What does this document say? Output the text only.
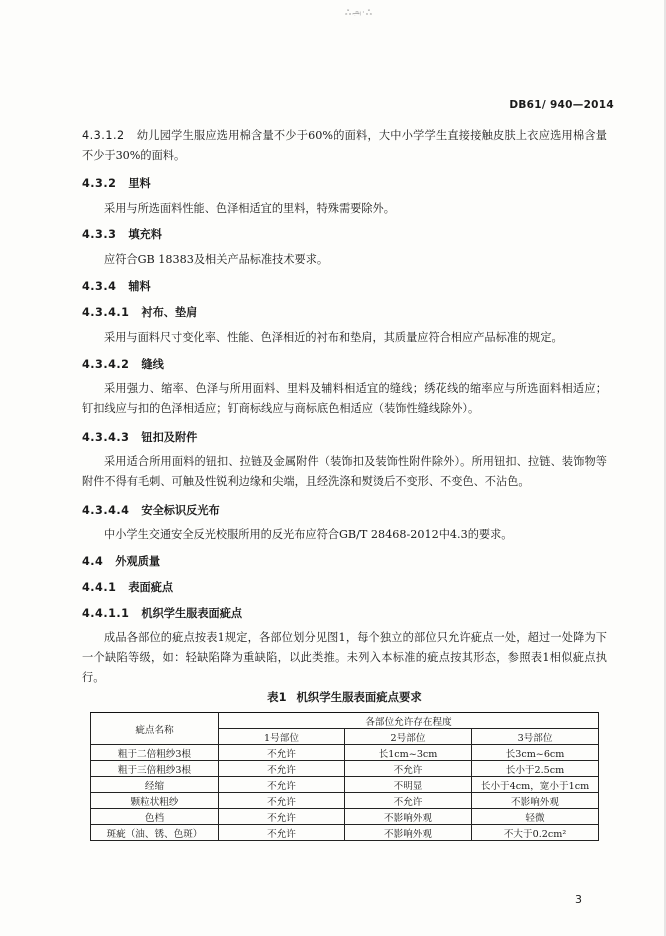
ஃஅ·ஃ
DB61/ 940—2014
4.3.1.2 幼儿园学生服应选用棉含量不少于60%的面料，大中小学学生直接接触皮肤上衣应选用棉含量不少于30%的面料。
4.3.2 里料
采用与所选面料性能、色泽相适宜的里料，特殊需要除外。
4.3.3 填充料
应符合GB 18383及相关产品标准技术要求。
4.3.4 辅料
4.3.4.1 衬布、垫肩
采用与面料尺寸变化率、性能、色泽相近的衬布和垫肩，其质量应符合相应产品标准的规定。
4.3.4.2 缝线
采用强力、缩率、色泽与所用面料、里料及辅料相适宜的缝线；绣花线的缩率应与所选面料相适应；钉扣线应与扣的色泽相适应；钉商标线应与商标底色相适应（装饰性缝线除外）。
4.3.4.3 钮扣及附件
采用适合所用面料的钮扣、拉链及金属附件（装饰扣及装饰性附件除外）。所用钮扣、拉链、装饰物等附件不得有毛刺、可触及性锐利边缘和尖端，且经洗涤和熨烫后不变形、不变色、不沾色。
4.3.4.4 安全标识反光布
中小学生交通安全反光校服所用的反光布应符合GB/T 28468-2012中4.3的要求。
4.4 外观质量
4.4.1 表面疵点
4.4.1.1 机织学生服表面疵点
成品各部位的疵点按表1规定，各部位划分见图1，每个独立的部位只允许疵点一处，超过一处降为下一个缺陷等级，如：轻缺陷降为重缺陷，以此类推。未列入本标准的疵点按其形态，参照表1相似疵点执行。
表1 机织学生服表面疵点要求
疵点名称	各部位允许存在程度		
	1号部位	2号部位	3号部位
粗于二倍粗纱3根	不允许	长1cm~3cm	长3cm~6cm
粗于三倍粗纱3根	不允许	不允许	长小于2.5cm
经缩	不允许	不明显	长小于4cm，宽小于1cm
颗粒状粗纱	不允许	不允许	不影响外观
色档	不允许	不影响外观	轻微
斑疵（油、锈、色斑）	不允许	不影响外观	不大于0.2cm²
3
